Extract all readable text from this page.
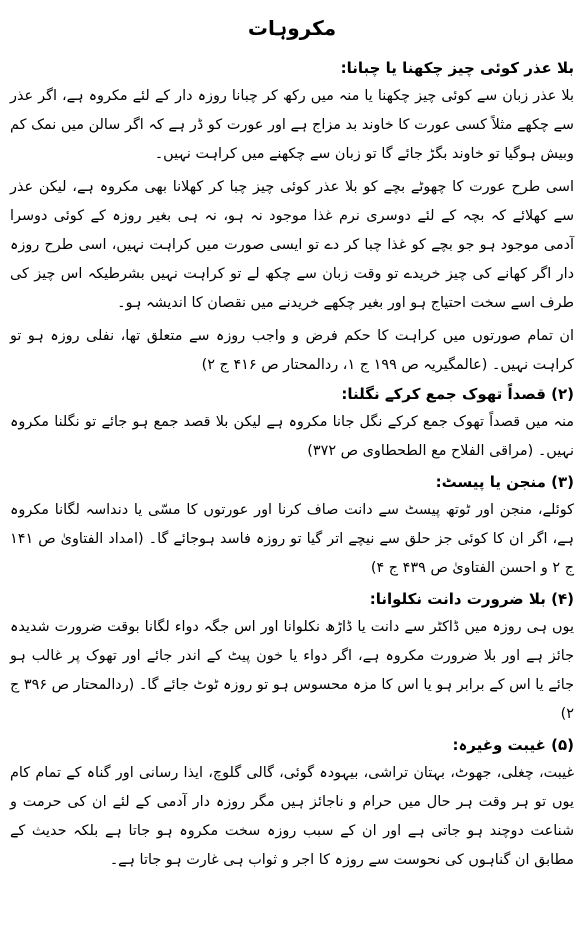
مکروہات
بلا عذر کوئی چیز چکھنا یا چبانا:
بلا عذر زبان سے کوئی چیز چکھنا یا منہ میں رکھ کر چبانا روزہ دار کے لئے مکروہ ہے، اگر عذر سے چکھے مثلاً کسی عورت کا خاوند بد مزاج ہے اور عورت کو ڈر ہے کہ اگر سالن میں نمک کم وبیش ہوگیا تو خاوند بگڑ جائے گا تو زبان سے چکھنے میں کراہت نہیں۔
اسی طرح عورت کا چھوٹے بچے کو بلا عذر کوئی چیز چبا کر کھلانا بھی مکروہ ہے، لیکن عذر سے کھلائے کہ بچہ کے لئے دوسری نرم غذا موجود نہ ہو، نہ ہی بغیر روزہ کے کوئی دوسرا آدمی موجود ہو جو بچے کو غذا چبا کر دے تو ایسی صورت میں کراہت نہیں، اسی طرح روزہ دار اگر کھانے کی چیز خریدے تو وقت زبان سے چکھ لے تو کراہت نہیں بشرطیکہ اس چیز کی طرف اسے سخت احتیاج ہو اور بغیر چکھے خریدنے میں نقصان کا اندیشہ ہو۔
ان تمام صورتوں میں کراہت کا حکم فرض و واجب روزہ سے متعلق تھا، نفلی روزہ ہو تو کراہت نہیں۔ (عالمگیریہ ص ۱۹۹ ج ۱، ردالمحتار ص ۴۱۶ ج ۲)
(۲) قصداً تھوک جمع کرکے نگلنا:
منہ میں قصداً تھوک جمع کرکے نگل جانا مکروہ ہے لیکن بلا قصد جمع ہو جائے تو نگلنا مکروہ نہیں۔ (مراقی الفلاح مع الطحطاوی ص ۳۷۲)
(۳) منجن یا پیسٹ:
کوئلے، منجن اور ٹوتھ پیسٹ سے دانت صاف کرنا اور عورتوں کا مسّی یا دنداسہ لگانا مکروہ ہے، اگر ان کا کوئی جز حلق سے نیچے اتر گیا تو روزہ فاسد ہوجائے گا۔ (امداد الفتاویٰ ص ۱۴۱ ج ۲ و احسن الفتاویٰ ص ۴۳۹ ج ۴)
(۴) بلا ضرورت دانت نکلوانا:
یوں ہی روزہ میں ڈاکٹر سے دانت یا ڈاڑھ نکلوانا اور اس جگہ دواء لگانا بوقت ضرورت شدیدہ جائز ہے اور بلا ضرورت مکروہ ہے، اگر دواء یا خون پیٹ کے اندر جائے اور تھوک پر غالب ہو جائے یا اس کے برابر ہو یا اس کا مزہ محسوس ہو تو روزہ ٹوٹ جائے گا۔ (ردالمحتار ص ۳۹۶ ج ۲)
(۵) غیبت وغیرہ:
غیبت، چغلی، جھوٹ، بہتان تراشی، بیہودہ گوئی، گالی گلوچ، ایذا رسانی اور گناہ کے تمام کام یوں تو ہر وقت ہر حال میں حرام و ناجائز ہیں مگر روزہ دار آدمی کے لئے ان کی حرمت و شناعت دوچند ہو جاتی ہے اور ان کے سبب روزہ سخت مکروہ ہو جاتا ہے بلکہ حدیث کے مطابق ان گناہوں کی نحوست سے روزہ کا اجر و ثواب ہی غارت ہو جاتا ہے۔
